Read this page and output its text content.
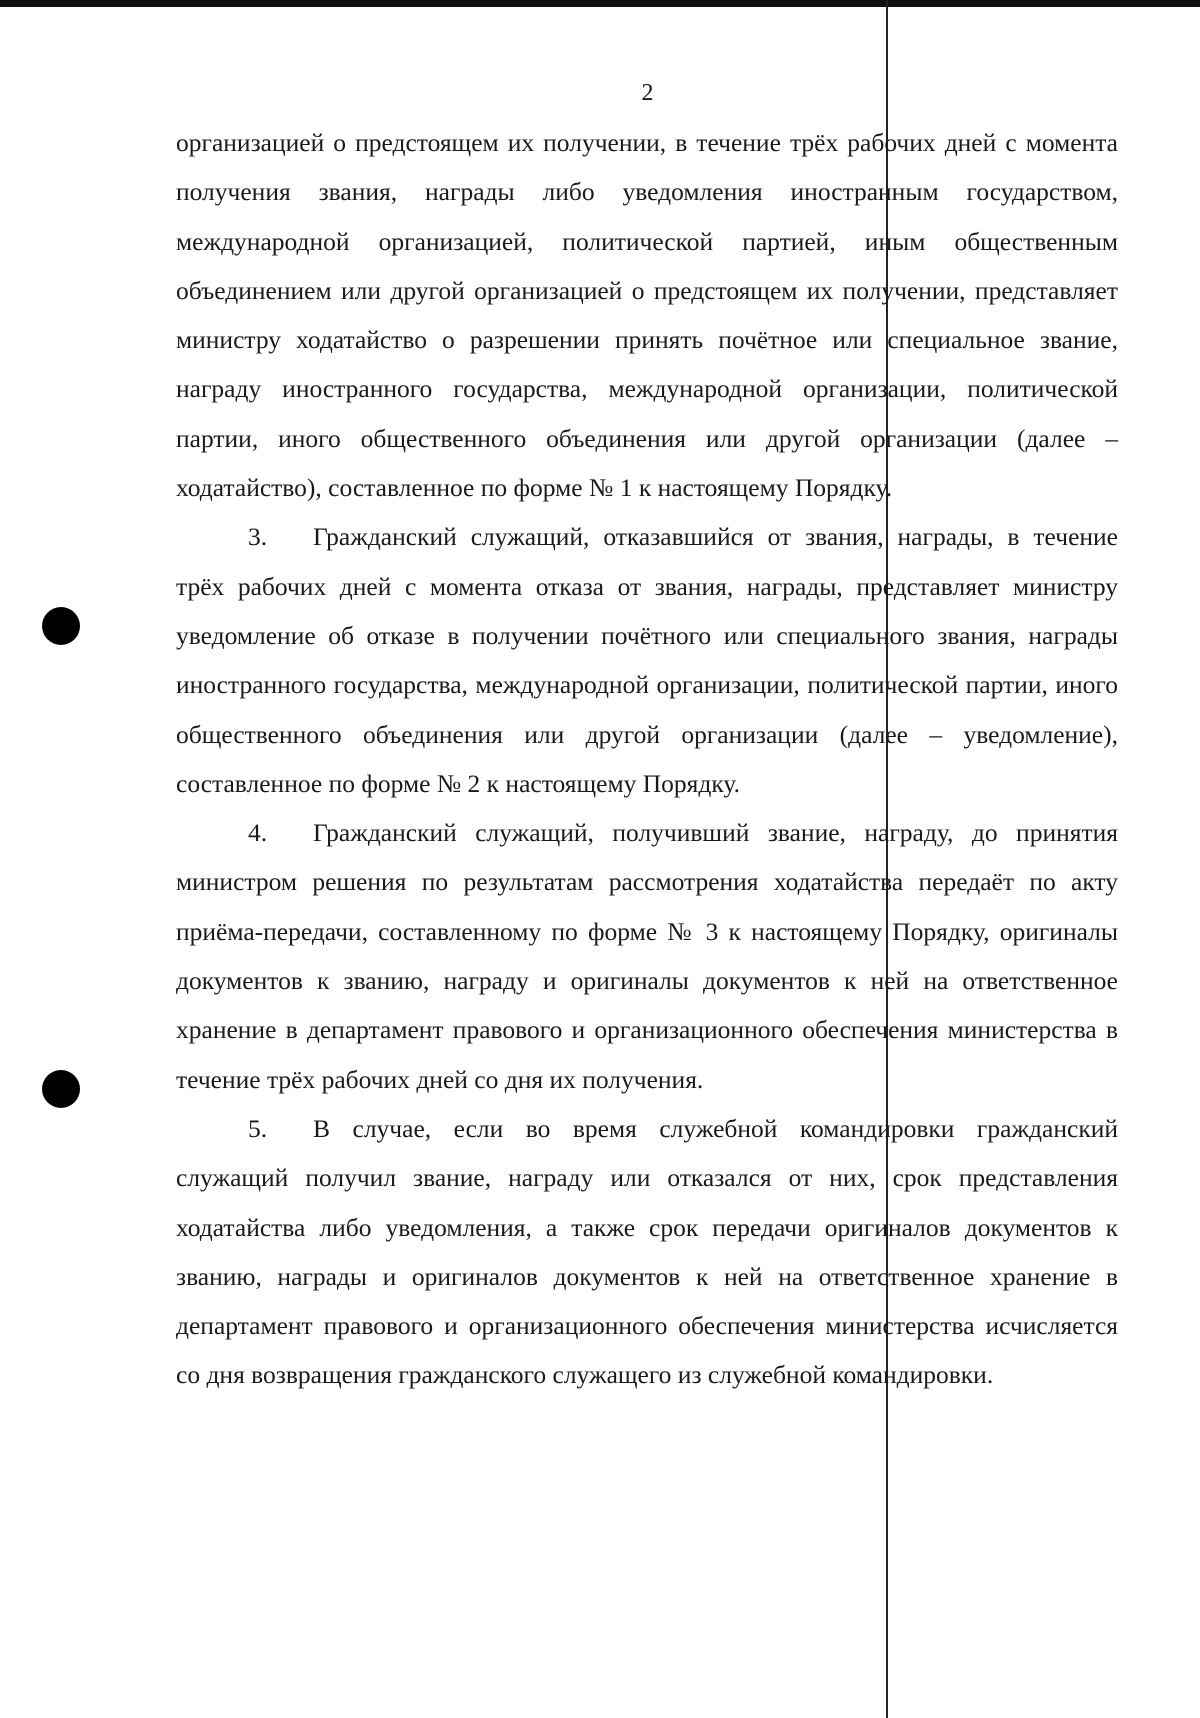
2

организацией о предстоящем их получении, в течение трёх рабочих дней с момента получения звания, награды либо уведомления иностранным государством, международной организацией, политической партией, иным общественным объединением или другой организацией о предстоящем их получении, представляет министру ходатайство о разрешении принять почётное или специальное звание, награду иностранного государства, международной организации, политической партии, иного общественного объединения или другой организации (далее – ходатайство), составленное по форме № 1 к настоящему Порядку.

3. Гражданский служащий, отказавшийся от звания, награды, в течение трёх рабочих дней с момента отказа от звания, награды, представляет министру уведомление об отказе в получении почётного или специального звания, награды иностранного государства, международной организации, политической партии, иного общественного объединения или другой организации (далее – уведомление), составленное по форме № 2 к настоящему Порядку.

4. Гражданский служащий, получивший звание, награду, до принятия министром решения по результатам рассмотрения ходатайства передаёт по акту приёма-передачи, составленному по форме № 3 к настоящему Порядку, оригиналы документов к званию, награду и оригиналы документов к ней на ответственное хранение в департамент правового и организационного обеспечения министерства в течение трёх рабочих дней со дня их получения.

5. В случае, если во время служебной командировки гражданский служащий получил звание, награду или отказался от них, срок представления ходатайства либо уведомления, а также срок передачи оригиналов документов к званию, награды и оригиналов документов к ней на ответственное хранение в департамент правового и организационного обеспечения министерства исчисляется со дня возвращения гражданского служащего из служебной командировки.
